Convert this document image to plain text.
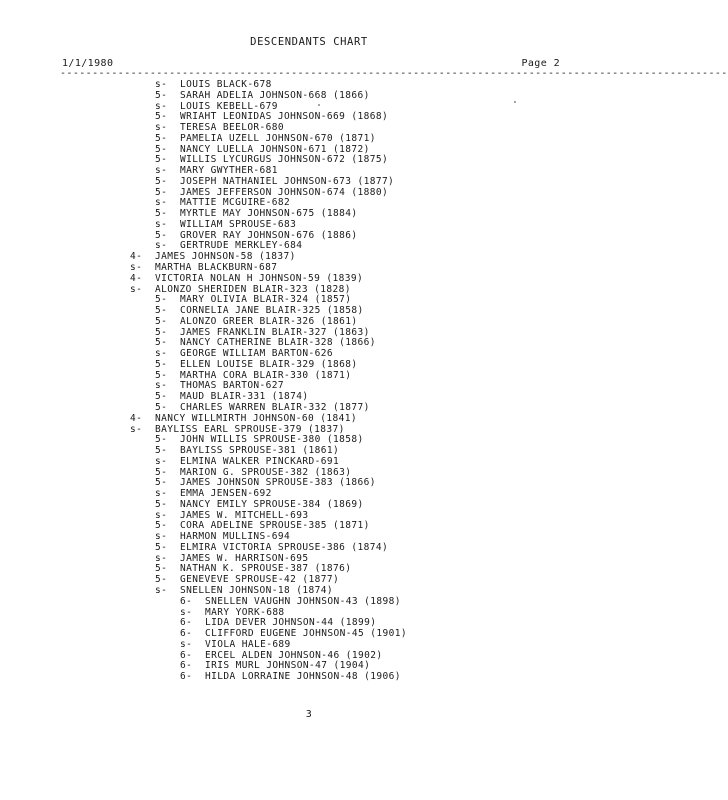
DESCENDANTS CHART
1/1/1980	Page 2
--------------------------------------------------------------------------------------------------------
s- LOUIS BLACK-678
5- SARAH ADELIA JOHNSON-668 (1866)
s- LOUIS KEBELL-679
5- WRIAHT LEONIDAS JOHNSON-669 (1868)
s- TERESA BEELOR-680
5- PAMELIA UZELL JOHNSON-670 (1871)
5- NANCY LUELLA JOHNSON-671 (1872)
5- WILLIS LYCURGUS JOHNSON-672 (1875)
s- MARY GWYTHER-681
5- JOSEPH NATHANIEL JOHNSON-673 (1877)
5- JAMES JEFFERSON JOHNSON-674 (1880)
s- MATTIE MCGUIRE-682
5- MYRTLE MAY JOHNSON-675 (1884)
s- WILLIAM SPROUSE-683
5- GROVER RAY JOHNSON-676 (1886)
s- GERTRUDE MERKLEY-684
4- JAMES JOHNSON-58 (1837)
s- MARTHA BLACKBURN-687
4- VICTORIA NOLAN H JOHNSON-59 (1839)
s- ALONZO SHERIDEN BLAIR-323 (1828)
5- MARY OLIVIA BLAIR-324 (1857)
5- CORNELIA JANE BLAIR-325 (1858)
5- ALONZO GREER BLAIR-326 (1861)
5- JAMES FRANKLIN BLAIR-327 (1863)
5- NANCY CATHERINE BLAIR-328 (1866)
s- GEORGE WILLIAM BARTON-626
5- ELLEN LOUISE BLAIR-329 (1868)
5- MARTHA CORA BLAIR-330 (1871)
s- THOMAS BARTON-627
5- MAUD BLAIR-331 (1874)
5- CHARLES WARREN BLAIR-332 (1877)
4- NANCY WILLMIRTH JOHNSON-60 (1841)
s- BAYLISS EARL SPROUSE-379 (1837)
5- JOHN WILLIS SPROUSE-380 (1858)
5- BAYLISS SPROUSE-381 (1861)
s- ELMINA WALKER PINCKARD-691
5- MARION G. SPROUSE-382 (1863)
5- JAMES JOHNSON SPROUSE-383 (1866)
s- EMMA JENSEN-692
5- NANCY EMILY SPROUSE-384 (1869)
s- JAMES W. MITCHELL-693
5- CORA ADELINE SPROUSE-385 (1871)
s- HARMON MULLINS-694
5- ELMIRA VICTORIA SPROUSE-386 (1874)
s- JAMES W. HARRISON-695
5- NATHAN K. SPROUSE-387 (1876)
5- GENEVEVE SPROUSE-42 (1877)
s- SNELLEN JOHNSON-18 (1874)
6- SNELLEN VAUGHN JOHNSON-43 (1898)
s- MARY YORK-688
6- LIDA DEVER JOHNSON-44 (1899)
6- CLIFFORD EUGENE JOHNSON-45 (1901)
s- VIOLA HALE-689
6- ERCEL ALDEN JOHNSON-46 (1902)
6- IRIS MURL JOHNSON-47 (1904)
6- HILDA LORRAINE JOHNSON-48 (1906)
3
